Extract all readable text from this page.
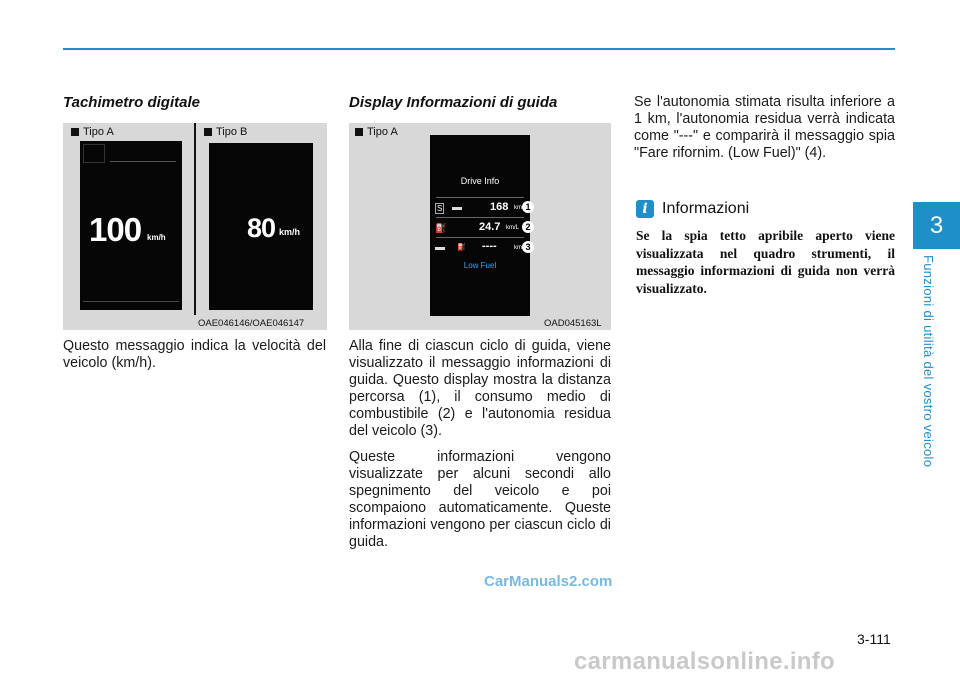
3
Funzioni di utilità del vostro veicolo
Tachimetro digitale
Tipo A	Tipo B
100 km/h	80 km/h
OAE046146/OAE046147

Questo messaggio indica la velocità del veicolo (km/h).

Display Informazioni di guida
Tipo A
Drive Info
S ▬	168 km
⛽	24.7 km/L
▬ ⛽ ----	km
Low Fuel
1
2
3
OAD045163L

Alla fine di ciascun ciclo di guida, viene visualizzato il messaggio informazioni di guida. Questo display mostra la distanza percorsa (1), il consumo medio di combustibile (2) e l'autonomia residua del veicolo (3).

Queste informazioni vengono visualizzate per alcuni secondi allo spegnimento del veicolo e poi scompaiono automaticamente. Queste informazioni vengono per ciascun ciclo di guida.

Se l'autonomia stimata risulta inferiore a 1 km, l'autonomia residua verrà indicata come "---" e comparirà il messaggio spia "Fare rifornim. (Low Fuel)" (4).

i Informazioni
Se la spia tetto apribile aperto viene visualizzata nel quadro strumenti, il messaggio informazioni di guida non verrà visualizzato.
CarManuals2.com
3-111
carmanualsonline.info
